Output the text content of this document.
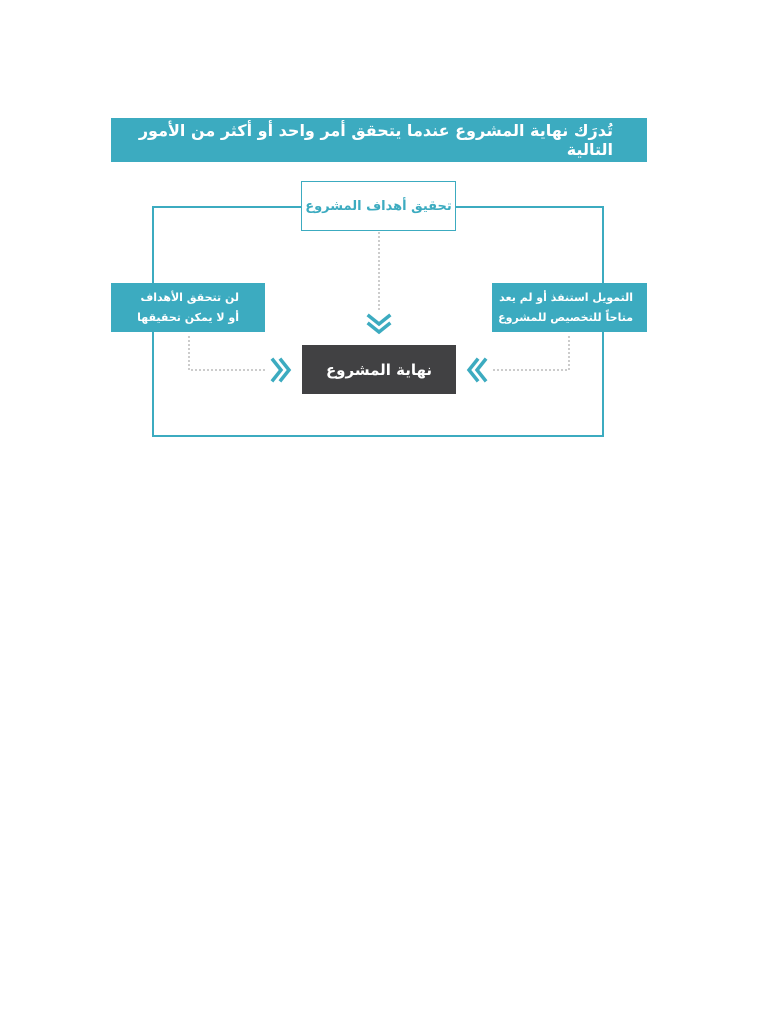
تُدرَك نهاية المشروع عندما يتحقق أمر واحد أو أكثر من الأمور التالية
تحقيق أهداف المشروع
لن تتحقق الأهداف
أو لا يمكن تحقيقها
التمويل استنفذ أو لم يعد
متاحاً للتخصيص للمشروع
نهاية المشروع
